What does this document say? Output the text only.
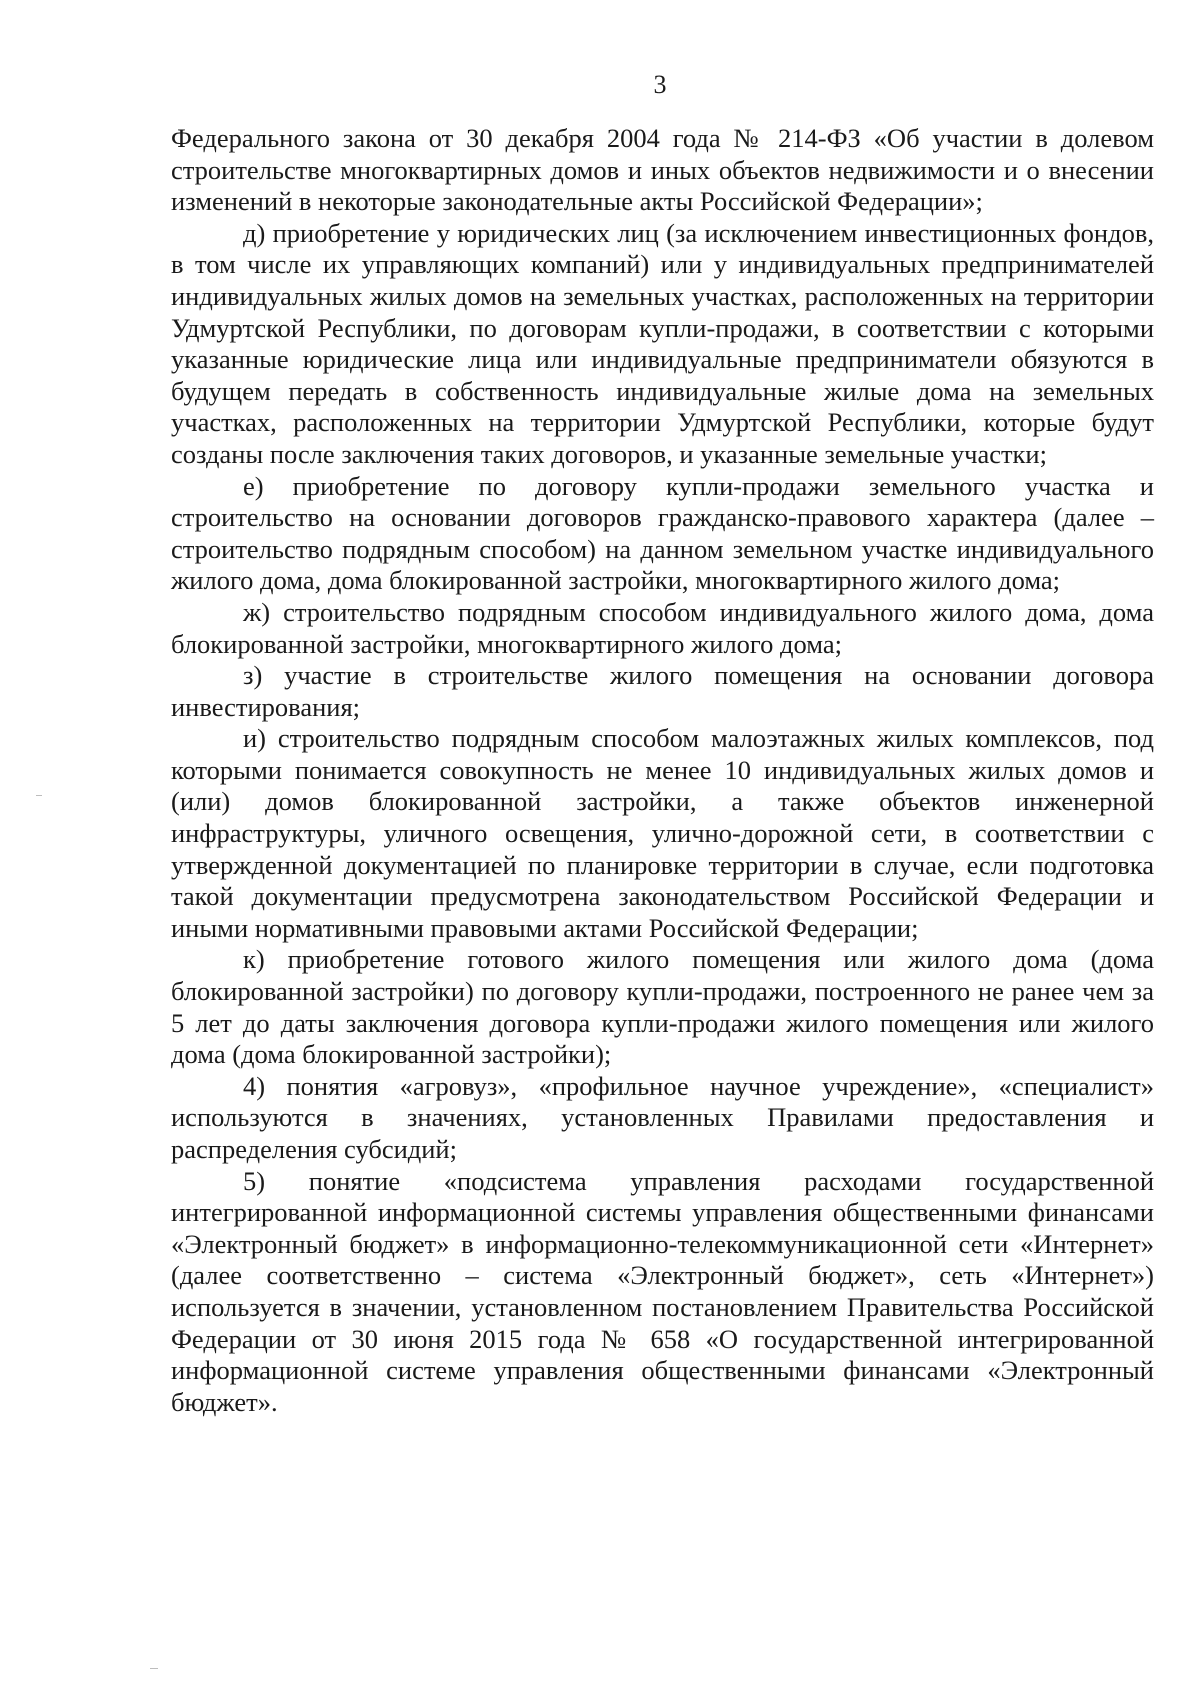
3

Федерального закона от 30 декабря 2004 года № 214-ФЗ «Об участии в долевом строительстве многоквартирных домов и иных объектов недвижимости и о внесении изменений в некоторые законодательные акты Российской Федерации»;

д) приобретение у юридических лиц (за исключением инвестиционных фондов, в том числе их управляющих компаний) или у индивидуальных предпринимателей индивидуальных жилых домов на земельных участках, расположенных на территории Удмуртской Республики, по договорам купли-продажи, в соответствии с которыми указанные юридические лица или индивидуальные предприниматели обязуются в будущем передать в собственность индивидуальные жилые дома на земельных участках, расположенных на территории Удмуртской Республики, которые будут созданы после заключения таких договоров, и указанные земельные участки;

е) приобретение по договору купли-продажи земельного участка и строительство на основании договоров гражданско-правового характера (далее – строительство подрядным способом) на данном земельном участке индивидуального жилого дома, дома блокированной застройки, многоквартирного жилого дома;

ж) строительство подрядным способом индивидуального жилого дома, дома блокированной застройки, многоквартирного жилого дома;

з) участие в строительстве жилого помещения на основании договора инвестирования;

и) строительство подрядным способом малоэтажных жилых комплексов, под которыми понимается совокупность не менее 10 индивидуальных жилых домов и (или) домов блокированной застройки, а также объектов инженерной инфраструктуры, уличного освещения, улично-дорожной сети, в соответствии с утвержденной документацией по планировке территории в случае, если подготовка такой документации предусмотрена законодательством Российской Федерации и иными нормативными правовыми актами Российской Федерации;

к) приобретение готового жилого помещения или жилого дома (дома блокированной застройки) по договору купли-продажи, построенного не ранее чем за 5 лет до даты заключения договора купли-продажи жилого помещения или жилого дома (дома блокированной застройки);

4) понятия «агровуз», «профильное научное учреждение», «специалист» используются в значениях, установленных Правилами предоставления и распределения субсидий;

5) понятие «подсистема управления расходами государственной интегрированной информационной системы управления общественными финансами «Электронный бюджет» в информационно-телекоммуникационной сети «Интернет» (далее соответственно – система «Электронный бюджет», сеть «Интернет») используется в значении, установленном постановлением Правительства Российской Федерации от 30 июня 2015 года № 658 «О государственной интегрированной информационной системе управления общественными финансами «Электронный бюджет».
